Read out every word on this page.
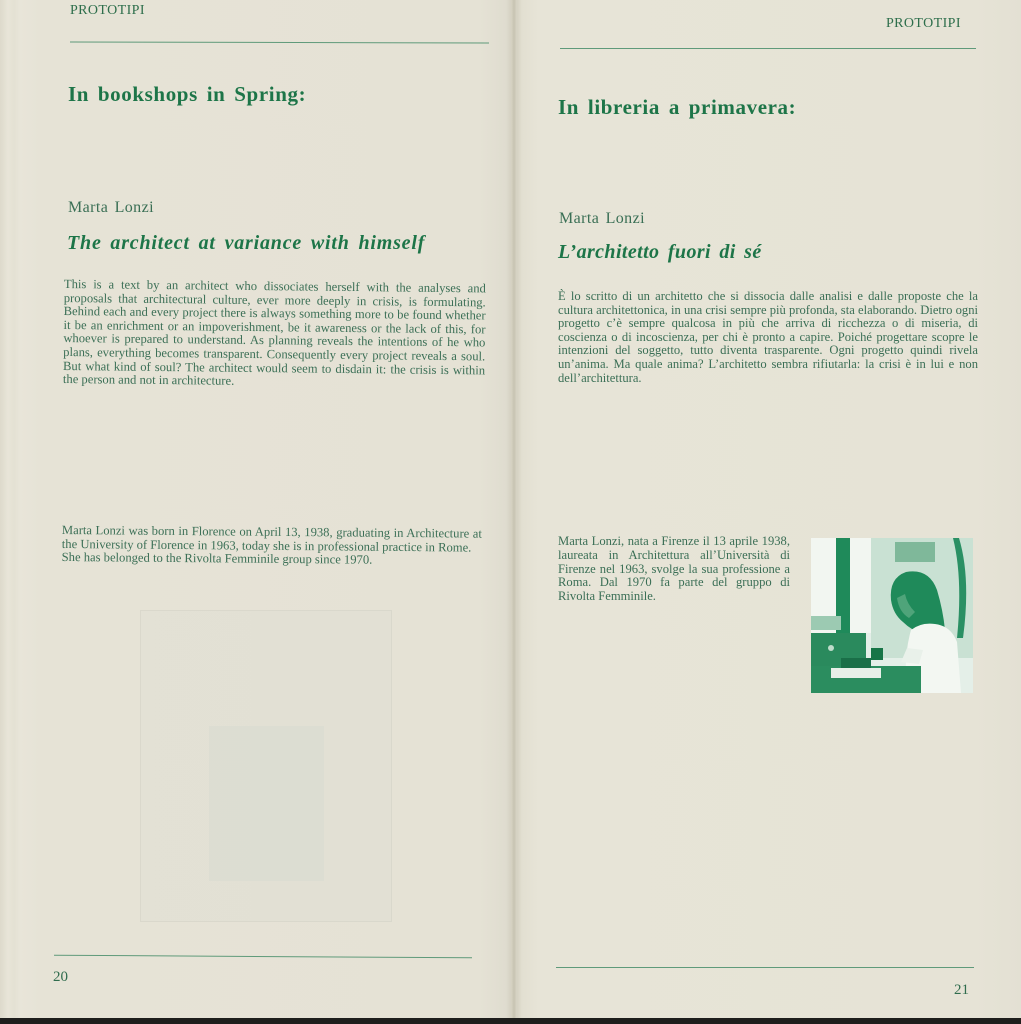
PROTOTIPI
In bookshops in Spring:
Marta Lonzi
The architect at variance with himself
This is a text by an architect who dissociates herself with the analyses and proposals that architectural culture, ever more deeply in crisis, is formulating. Behind each and every project there is always something more to be found whether it be an enrichment or an impoverishment, be it awareness or the lack of this, for whoever is prepared to understand. As planning reveals the intentions of he who plans, everything becomes transparent. Consequently every project reveals a soul. But what kind of soul? The architect would seem to disdain it: the crisis is within the person and not in architecture.
Marta Lonzi was born in Florence on April 13, 1938, graduating in Architecture at the University of Florence in 1963, today she is in professional practice in Rome.

She has belonged to the Rivolta Femminile group since 1970.
20
PROTOTIPI
In libreria a primavera:
Marta Lonzi
L’architetto fuori di sé
È lo scritto di un architetto che si dissocia dalle analisi e dalle proposte che la cultura architettonica, in una crisi sempre più profonda, sta elaborando. Dietro ogni progetto c’è sempre qualcosa in più che arriva di ricchezza o di miseria, di coscienza o di incoscienza, per chi è pronto a capire. Poiché progettare scopre le intenzioni del soggetto, tutto diventa trasparente. Ogni progetto quindi rivela un’anima. Ma quale anima? L’architetto sembra rifiutarla: la crisi è in lui e non dell’architettura.
Marta Lonzi, nata a Firenze il 13 aprile 1938, laureata in Architettura all’Università di Firenze nel 1963, svolge la sua professione a Roma. Dal 1970 fa parte del gruppo di Rivolta Femminile.
21
